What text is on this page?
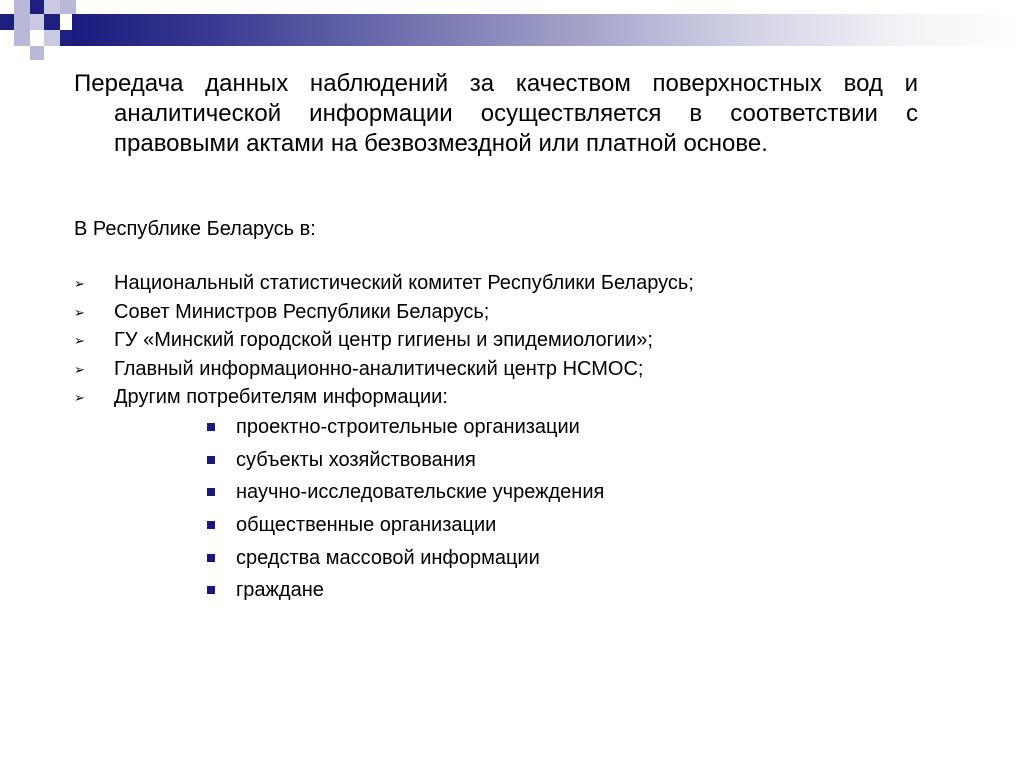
Передача данных наблюдений за качеством поверхностных вод и аналитической информации осуществляется в соответствии с правовыми актами на безвозмездной или платной основе.
В Республике Беларусь в:
➢ Национальный статистический комитет Республики Беларусь;
➢ Совет Министров Республики Беларусь;
➢ ГУ «Минский городской центр гигиены и эпидемиологии»;
➢ Главный информационно-аналитический центр НСМОС;
➢ Другим потребителям информации:
проектно-строительные организации
субъекты хозяйствования
научно-исследовательские учреждения
общественные организации
средства массовой информации
граждане
